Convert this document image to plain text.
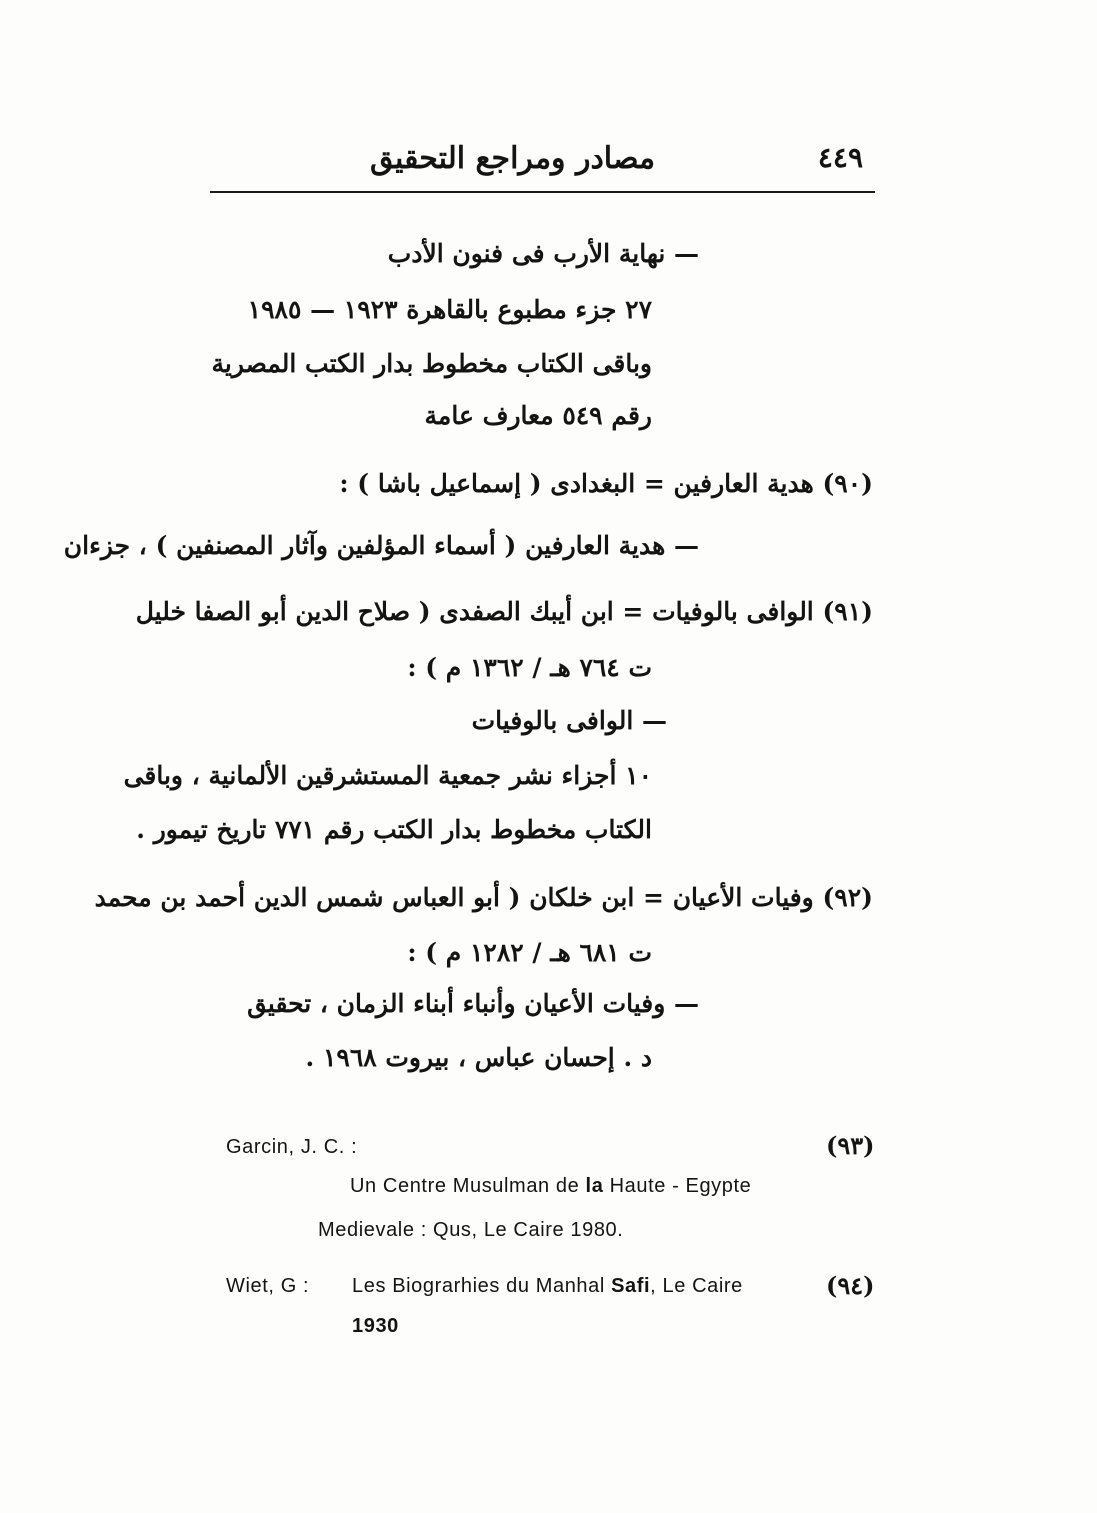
مصادر ومراجع التحقيق	٤٤٩
— نهاية الأرب فى فنون الأدب
٢٧ جزء مطبوع بالقاهرة ١٩٢٣ — ١٩٨٥
وباقى الكتاب مخطوط بدار الكتب المصرية
رقم ٥٤٩ معارف عامة
(٩٠) هدية العارفين = البغدادى ( إسماعيل باشا ) :
— هدية العارفين ( أسماء المؤلفين وآثار المصنفين ) ، جزءان
(٩١) الوافى بالوفيات = ابن أيبك الصفدى ( صلاح الدين أبو الصفا خليل
ت ٧٦٤ هـ / ١٣٦٢ م ) :
— الوافى بالوفيات
١٠ أجزاء نشر جمعية المستشرقين الألمانية ، وباقى
الكتاب مخطوط بدار الكتب رقم ٧٧١ تاريخ تيمور .
(٩٢) وفيات الأعيان = ابن خلكان ( أبو العباس شمس الدين أحمد بن محمد
ت ٦٨١ هـ / ١٢٨٢ م ) :
— وفيات الأعيان وأنباء أبناء الزمان ، تحقيق
د . إحسان عباس ، بيروت ١٩٦٨ .
(٩٣)
Garcin, J. C. :
Un Centre Musulman de la Haute - Egypte
Medievale : Qus, Le Caire 1980.
(٩٤)
Wiet, G : Les Biograrhies du Manhal Safi, Le Caire
1930
